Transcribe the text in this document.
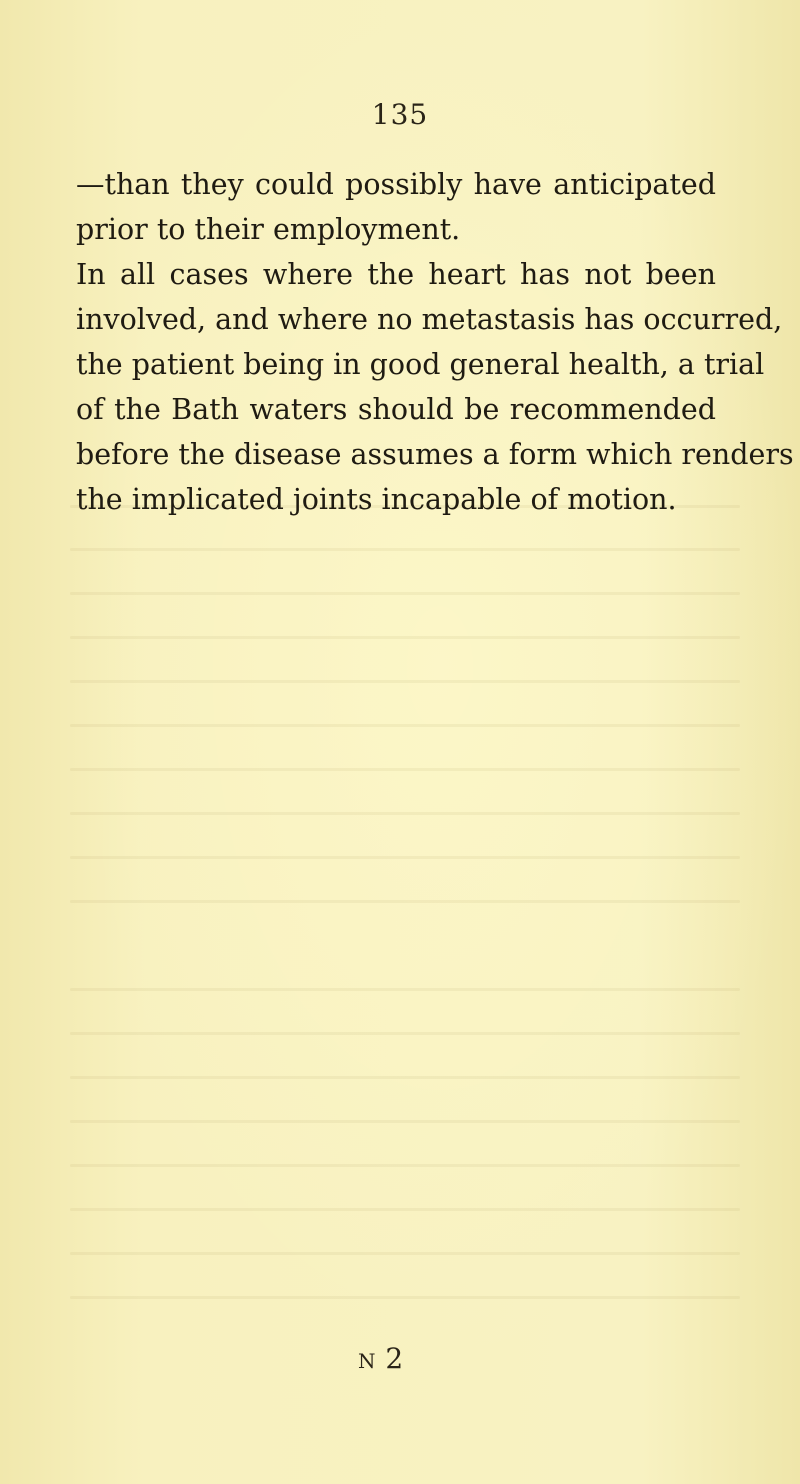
135
—than they could possibly have anticipated
prior to their employment.
In all cases where the heart has not been
involved, and where no metastasis has occurred,
the patient being in good general health, a trial
of the Bath waters should be recommended
before the disease assumes a form which renders
the implicated joints incapable of motion.
N 2
